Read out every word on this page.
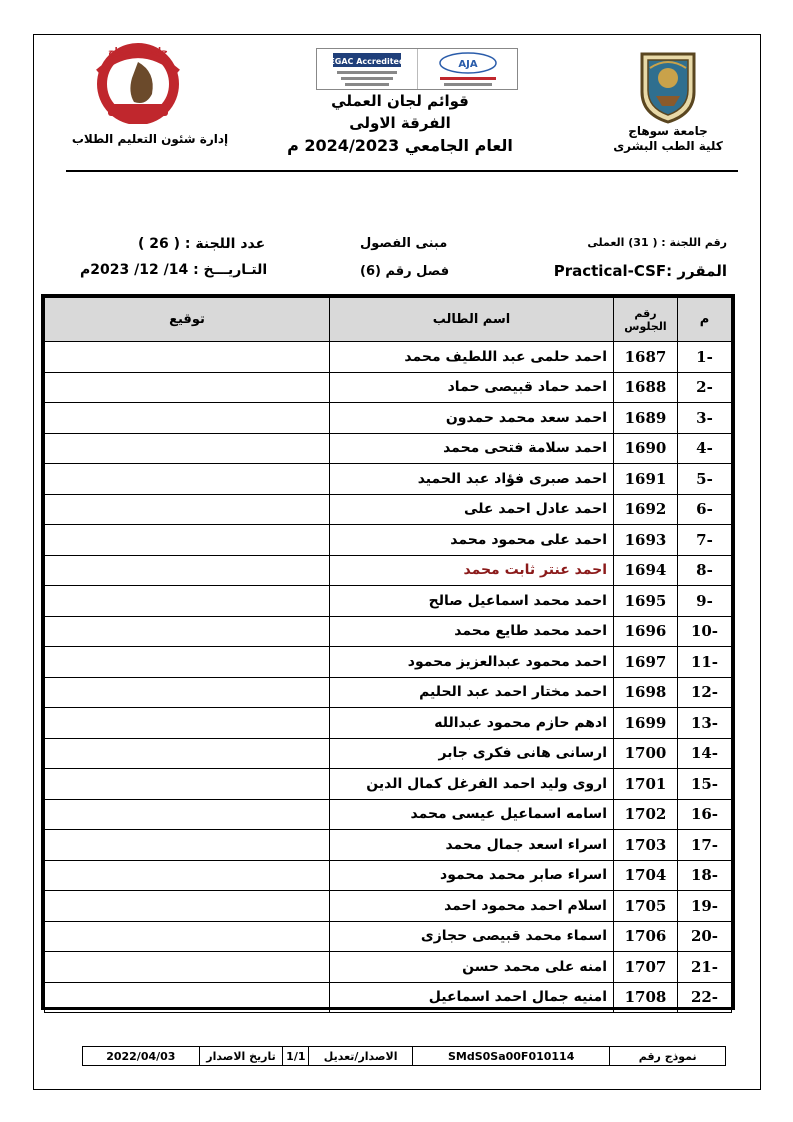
جامعة سوهاج
كلية الطب البشرى
جامعة سوهاج
إدارة شئون التعليم الطلاب
EGAC Accredited	AJA
قوائم لجان العملي
الفرقة الاولى
العام الجامعي 2024/2023 م
رقم اللجنة : ( 31) العملى
مبنى الفصول
عدد اللجنة : ( 26 )
المقرر :Practical-CSF
فصل رقم (6)
التـاريـــخ : 14/ 12/ 2023م
م	رقم الجلوس	اسم الطالب	توقيع
1-	1687	احمد حلمى عبد اللطيف محمد	
2-	1688	احمد حماد قبيصى حماد	
3-	1689	احمد سعد محمد حمدون	
4-	1690	احمد سلامة فتحى محمد	
5-	1691	احمد صبرى فؤاد عبد الحميد	
6-	1692	احمد عادل احمد على	
7-	1693	احمد على محمود محمد	
8-	1694	احمد عنتر ثابت محمد	
9-	1695	احمد محمد اسماعيل صالح	
10-	1696	احمد محمد طايع محمد	
11-	1697	احمد محمود عبدالعزيز محمود	
12-	1698	احمد مختار احمد عبد الحليم	
13-	1699	ادهم حازم محمود عبدالله	
14-	1700	ارسانى هانى فكرى جابر	
15-	1701	اروى وليد احمد الفرغل كمال الدين	
16-	1702	اسامه اسماعيل عيسى محمد	
17-	1703	اسراء اسعد جمال محمد	
18-	1704	اسراء صابر محمد محمود	
19-	1705	اسلام احمد محمود احمد	
20-	1706	اسماء محمد قبيصى حجازى	
21-	1707	امنه على محمد حسن	
22-	1708	امنيه جمال احمد اسماعيل	
نموذج رقم
SMdS0Sa00F010114
الاصدار/تعديل
1/1
تاريخ الاصدار
2022/04/03
